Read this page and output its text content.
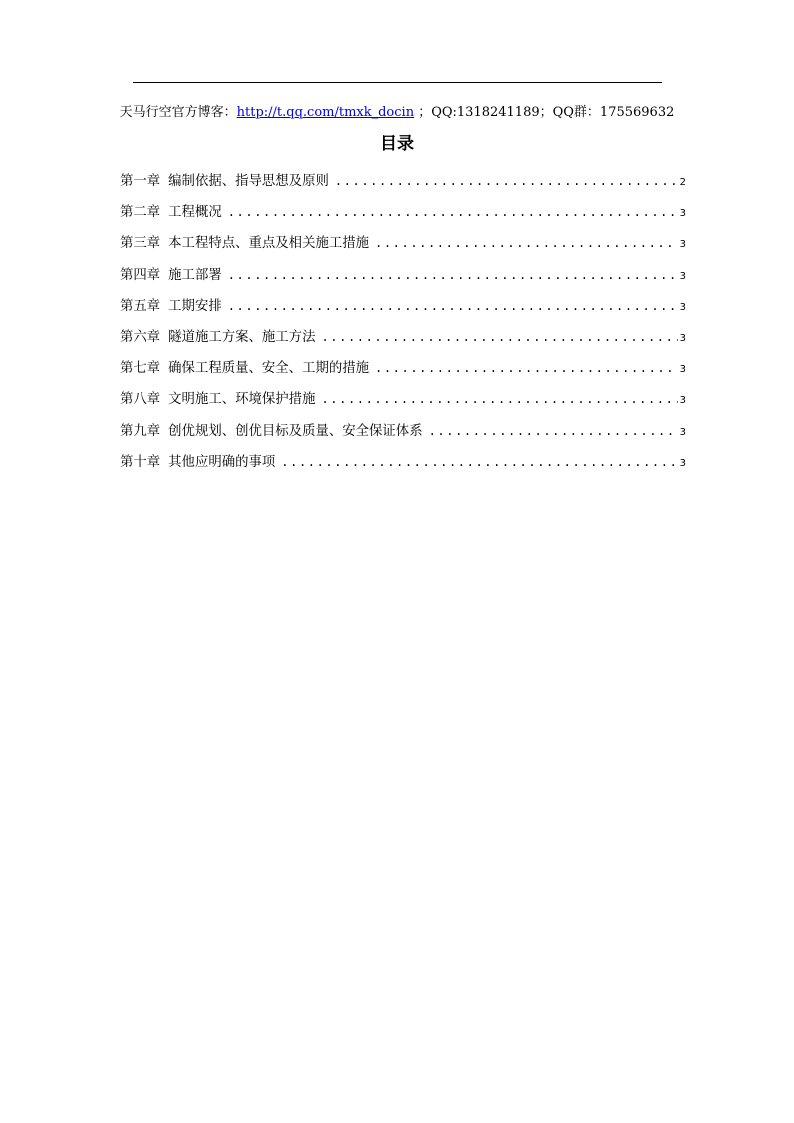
天马行空官方博客：http://t.qq.com/tmxk_docin ；QQ:1318241189；QQ群：175569632
目录
第一章 编制依据、指导思想及原则 .....	2
第二章 工程概况 .....	3
第三章 本工程特点、重点及相关施工措施 .....	3
第四章 施工部署 .....	3
第五章 工期安排 .....	3
第六章 隧道施工方案、施工方法 .....	3
第七章 确保工程质量、安全、工期的措施 .....	3
第八章 文明施工、环境保护措施 .....	3
第九章 创优规划、创优目标及质量、安全保证体系 .....	3
第十章 其他应明确的事项 .....	3
